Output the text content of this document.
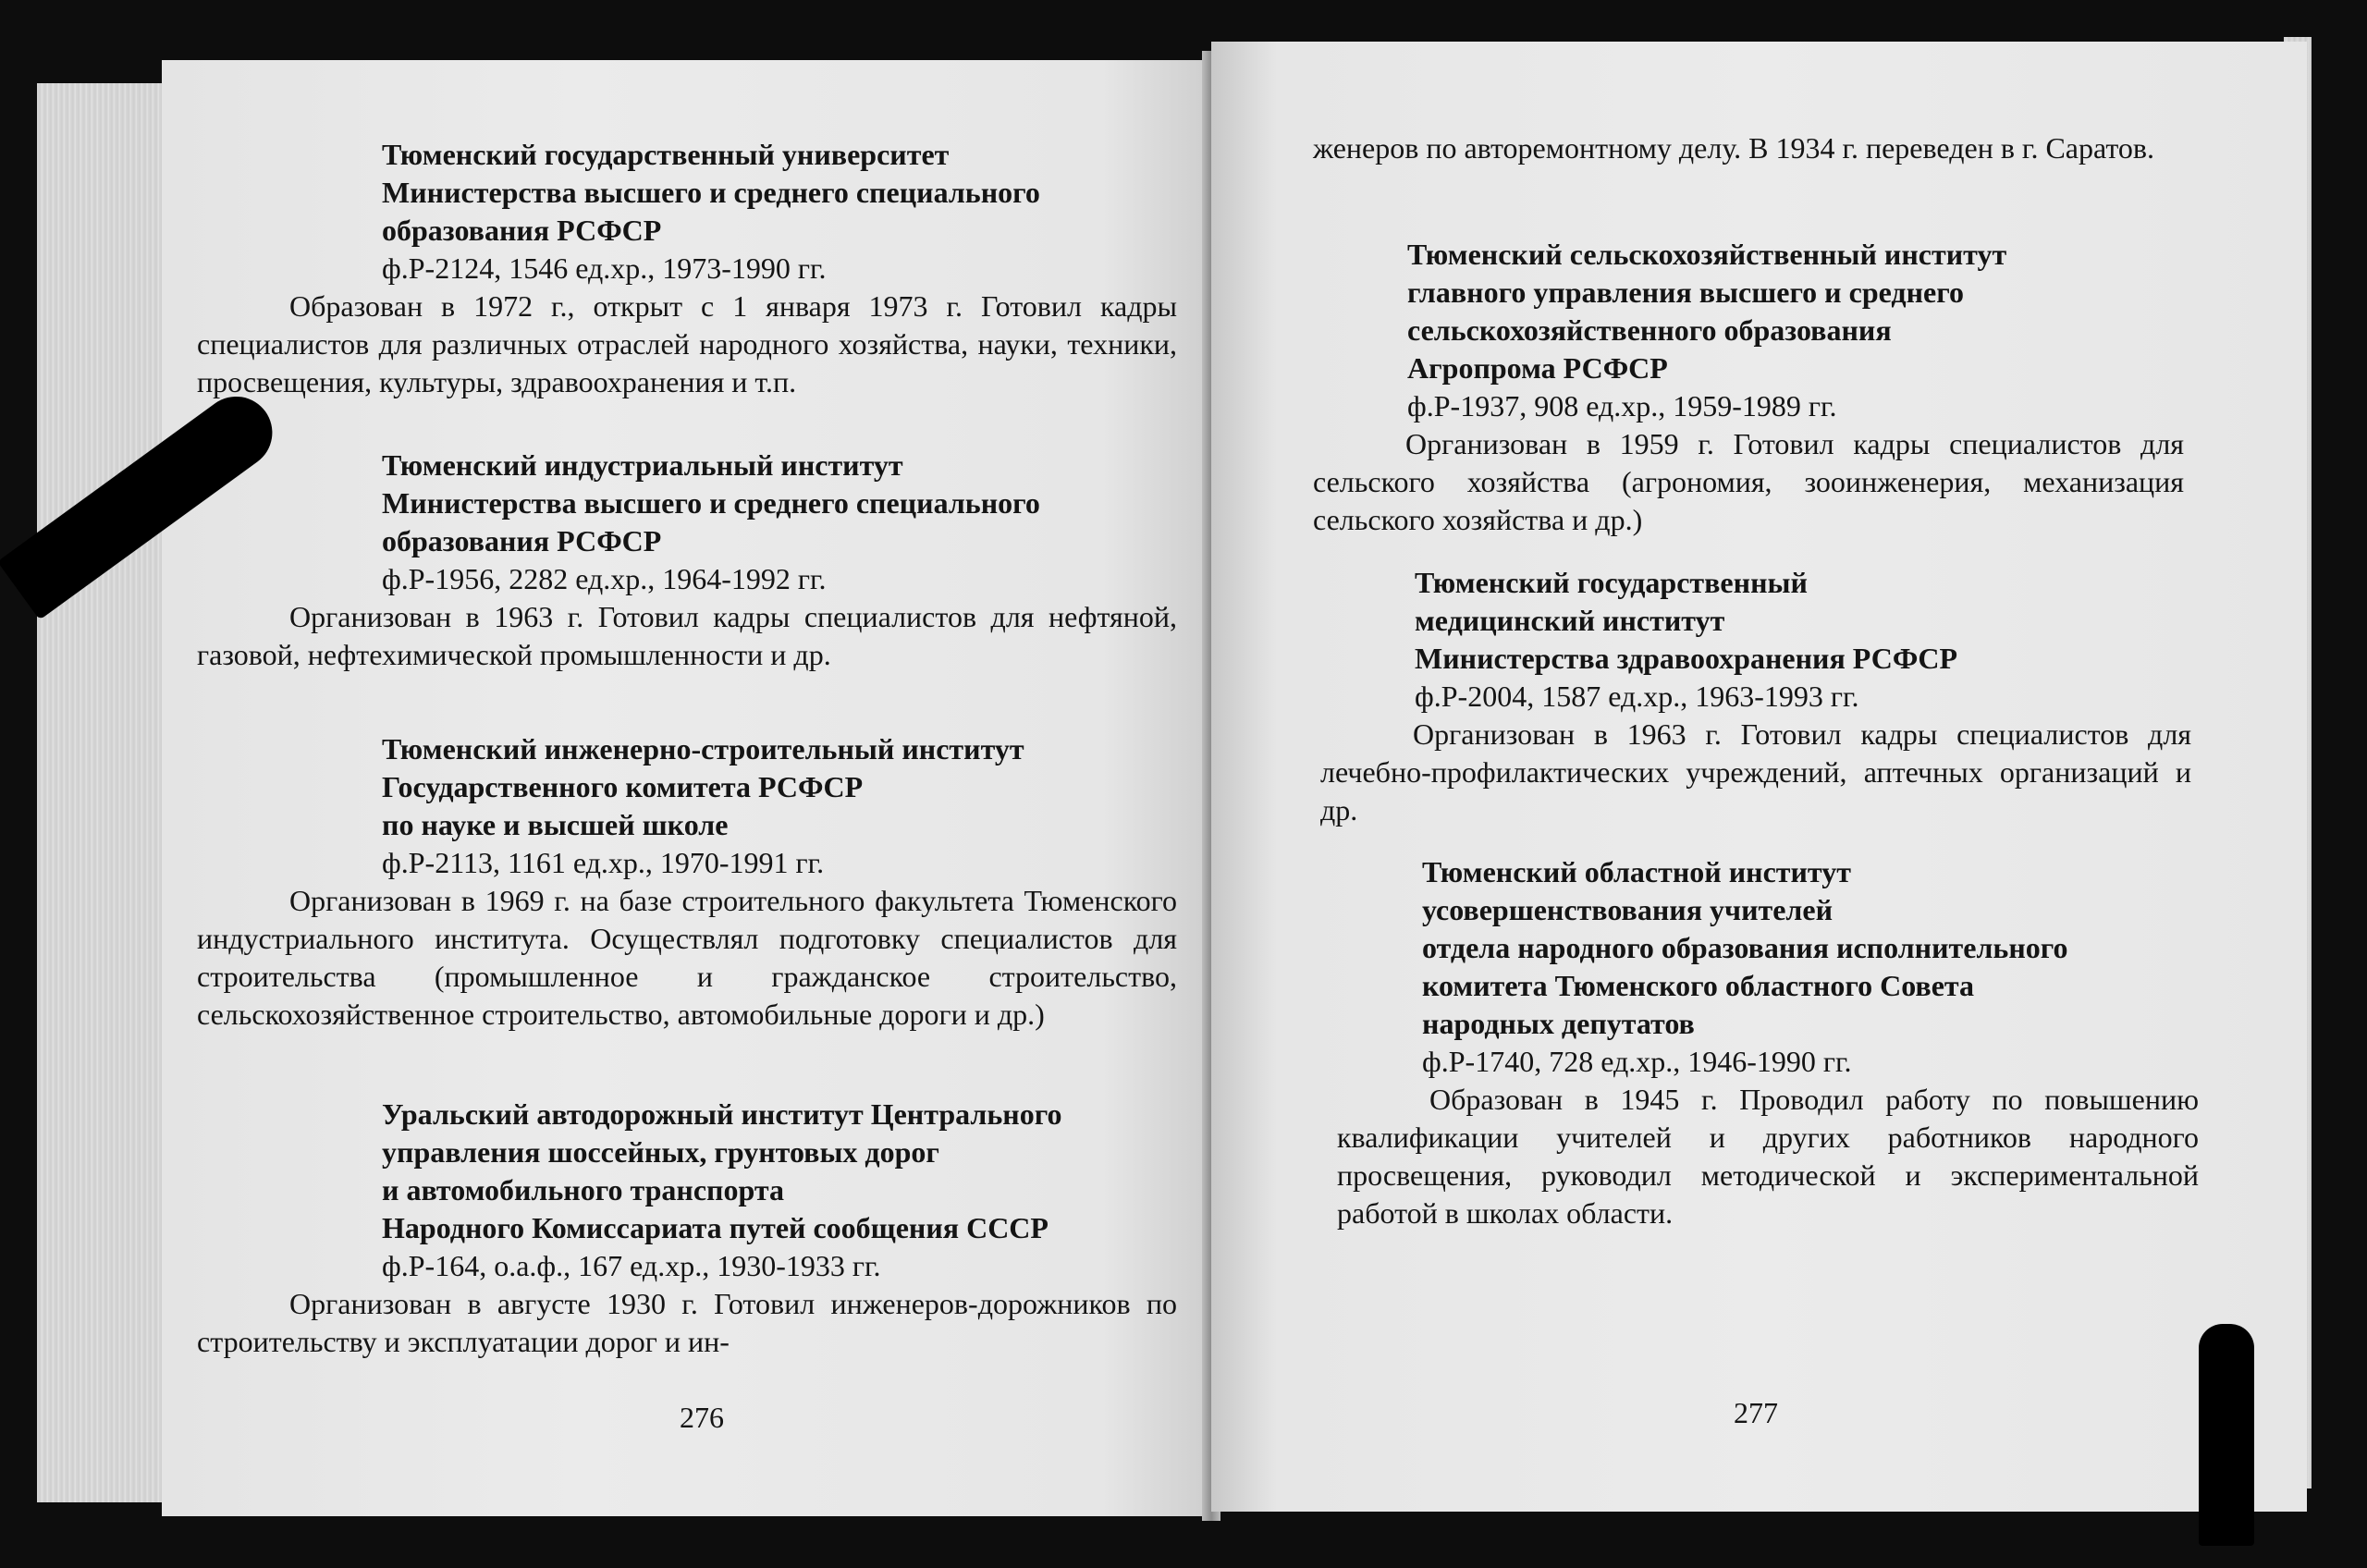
Тюменский государственный университет
Министерства высшего и среднего специального
образования РСФСР
ф.Р-2124, 1546 ед.хр., 1973-1990 гг.

Образован в 1972 г., открыт с 1 января 1973 г. Готовил кадры специалистов для различных отраслей народного хозяйства, науки, техники, просвещения, культуры, здравоохранения и т.п.

Тюменский индустриальный институт
Министерства высшего и среднего специального
образования РСФСР
ф.Р-1956, 2282 ед.хр., 1964-1992 гг.

Организован в 1963 г. Готовил кадры специалистов для нефтяной, газовой, нефтехимической промышленности и др.

Тюменский инженерно-строительный институт
Государственного комитета РСФСР
по науке и высшей школе
ф.Р-2113, 1161 ед.хр., 1970-1991 гг.

Организован в 1969 г. на базе строительного факультета Тюменского индустриального института. Осуществлял подготовку специалистов для строительства (промышленное и гражданское строительство, сельскохозяйственное строительство, автомобильные дороги и др.)

Уральский автодорожный институт Центрального
управления шоссейных, грунтовых дорог
и автомобильного транспорта
Народного Комиссариата путей сообщения СССР
ф.Р-164, о.а.ф., 167 ед.хр., 1930-1933 гг.

Организован в августе 1930 г. Готовил инженеров-дорожников по строительству и эксплуатации дорог и ин-

276

женеров по авторемонтному делу. В 1934 г. переведен в г. Саратов.

Тюменский сельскохозяйственный институт
главного управления высшего и среднего
сельскохозяйственного образования
Агропрома РСФСР
ф.Р-1937, 908 ед.хр., 1959-1989 гг.

Организован в 1959 г. Готовил кадры специалистов для сельского хозяйства (агрономия, зооинженерия, механизация сельского хозяйства и др.)

Тюменский государственный
медицинский институт
Министерства здравоохранения РСФСР
ф.Р-2004, 1587 ед.хр., 1963-1993 гг.

Организован в 1963 г. Готовил кадры специалистов для лечебно-профилактических учреждений, аптечных организаций и др.

Тюменский областной институт
усовершенствования учителей
отдела народного образования исполнительного
комитета Тюменского областного Совета
народных депутатов
ф.Р-1740, 728 ед.хр., 1946-1990 гг.

Образован в 1945 г. Проводил работу по повышению квалификации учителей и других работников народного просвещения, руководил методической и экспериментальной работой в школах области.

277
